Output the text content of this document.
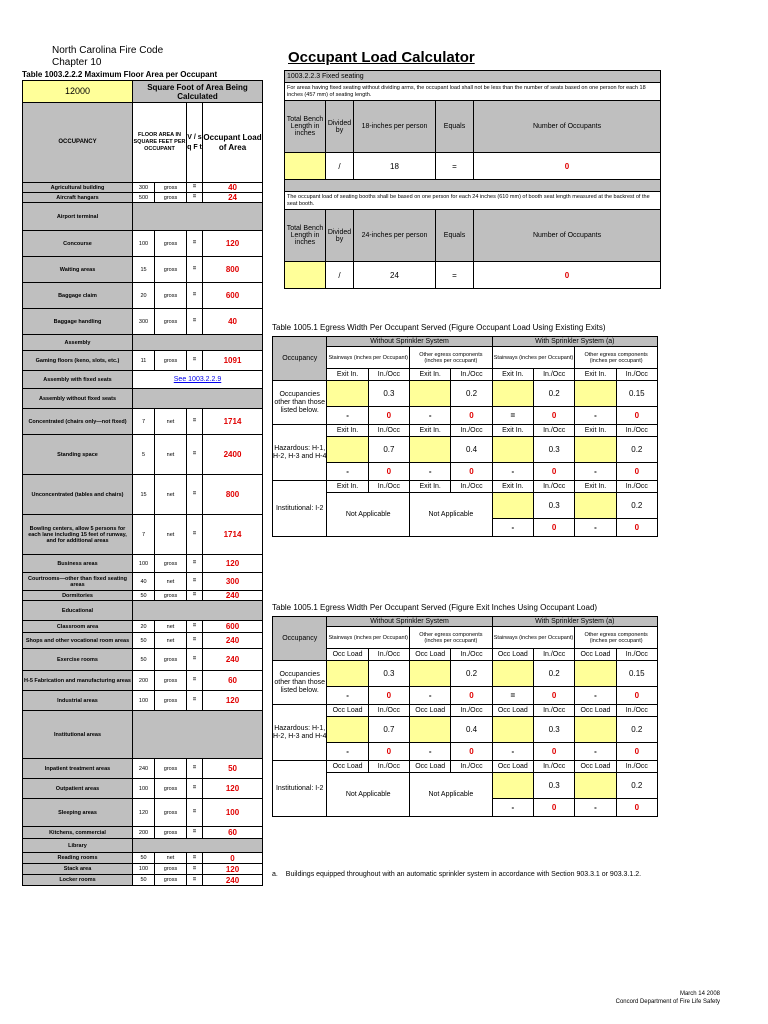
North Carolina Fire Code
Chapter 10	Occupant Load Calculator
Table 1003.2.2.2 Maximum Floor Area per Occupant
12000	Square Foot of Area Being Calculated			
OCCUPANCY	FLOOR AREA IN SQUARE FEET PER OCCUPANT		V / s q F t	Occupant Load of Area
Agricultural building	300	gross	=	40
Aircraft hangars	500	gross	=	24
Airport terminal				
Concourse	100	gross	=	120
Waiting areas	15	gross	=	800
Baggage claim	20	gross	=	600
Baggage handling	300	gross	=	40
Assembly				
Gaming floors (keno, slots, etc.)	11	gross	=	1091
Assembly with fixed seats	See 1003.2.2.9			
Assembly without fixed seats				
Concentrated (chairs only—not fixed)	7	net	=	1714
Standing space	5	net	=	2400
Unconcentrated (tables and chairs)	15	net	=	800
Bowling centers, allow 5 persons for each lane including 15 feet of runway, and for additional areas	7	net	=	1714
Business areas	100	gross	=	120
Courtrooms—other than fixed seating areas	40	net	=	300
Dormitories	50	gross	=	240
Educational				
Classroom area	20	net	=	600
Shops and other vocational room areas	50	net	=	240
Exercise rooms	50	gross	=	240
H-5 Fabrication and manufacturing areas	200	gross	=	60
Industrial areas	100	gross	=	120
Institutional areas				
Inpatient treatment areas	240	gross	=	50
Outpatient areas	100	gross	=	120
Sleeping areas	120	gross	=	100
Kitchens, commercial	200	gross	=	60
Library				
Reading rooms	50	net	=	0
Stack area	100	gross	=	120
Locker rooms	50	gross	=	240
1003.2.2.3 Fixed seating				
For areas having fixed seating without dividing arms, the occupant load shall not be less than the number of seats based on one person for each 18 inches (457 mm) of seating length.				
Total Bench Length in inches	Divided by	18-inches per person	Equals	Number of Occupants
	/	18	=	0

The occupant load of seating booths shall be based on one person for each 24 inches (610 mm) of booth seat length measured at the backrest of the seat booth.				
Total Bench Length in inches	Divided by	24-inches per person	Equals	Number of Occupants
	/	24	=	0
Table 1005.1 Egress Width Per Occupant Served (Figure Occupant Load Using Existing Exits)
Occupancy	Without Sprinkler System				With Sprinkler System (a)			
	Stairways (inches per Occupant)		Other egress components (inches per occupant)		Stairways (inches per Occupant)		Other egress components (inches per occupant)	
	Exit In.	In./Occ	Exit In.	In./Occ	Exit In.	In./Occ	Exit In.	In./Occ
Occupancies other than those listed below.		0.3		0.2		0.2		0.15
	-	0	-	0	=	0	-	0
Hazardous: H-1, H-2, H-3 and H-4	Exit In.	In./Occ	Exit In.	In./Occ	Exit In.	In./Occ	Exit In.	In./Occ
		0.7		0.4		0.3		0.2
	-	0	-	0	-	0	-	0
Institutional: I-2	Exit In.	In./Occ	Exit In.	In./Occ	Exit In.	In./Occ	Exit In.	In./Occ
	Not Applicable		Not Applicable			0.3		0.2
					-	0	-	0
Table 1005.1 Egress Width Per Occupant Served (Figure Exit Inches Using Occupant Load)
Occupancy	Without Sprinkler System				With Sprinkler System (a)			
	Stairways (inches per Occupant)		Other egress components (inches per occupant)		Stairways (inches per Occupant)		Other egress components (inches per occupant)	
	Occ Load	In./Occ	Occ Load	In./Occ	Occ Load	In./Occ	Occ Load	In./Occ
Occupancies other than those listed below.		0.3		0.2		0.2		0.15
	-	0	-	0	=	0	-	0
Hazardous: H-1, H-2, H-3 and H-4	Occ Load	In./Occ	Occ Load	In./Occ	Occ Load	In./Occ	Occ Load	In./Occ
		0.7		0.4		0.3		0.2
	-	0	-	0	-	0	-	0
Institutional: I-2	Occ Load	In./Occ	Occ Load	In./Occ	Occ Load	In./Occ	Occ Load	In./Occ
	Not Applicable		Not Applicable			0.3		0.2
					-	0	-	0
a. Buildings equipped throughout with an automatic sprinkler system in accordance with Section 903.3.1 or 903.3.1.2.
March 14 2008
Concord Department of Fire Life Safety
